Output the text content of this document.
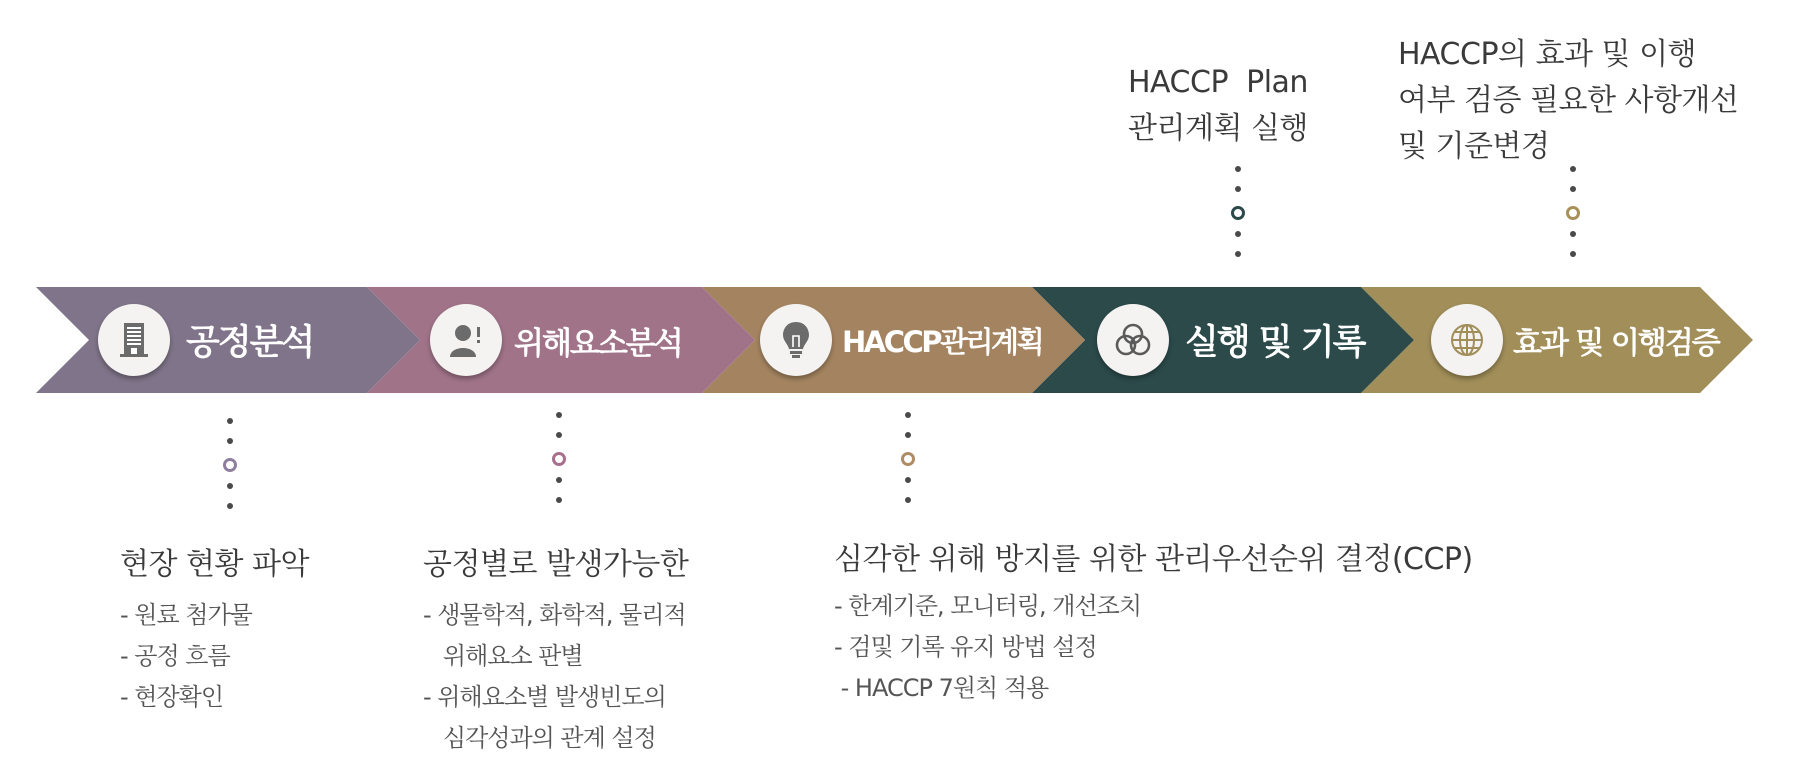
공정분석	위해요소분석	HACCP관리계획	실행 및 기록	효과 및 이행검증
현장 현황 파악
- 원료 첨가물
- 공정 흐름
- 현장확인
공정별로 발생가능한
- 생물학적, 화학적, 물리적
위해요소 판별
- 위해요소별 발생빈도의
심각성과의 관계 설정
심각한 위해 방지를 위한 관리우선순위 결정(CCP)
- 한계기준, 모니터링, 개선조치
- 검및 기록 유지 방법 설정
- HACCP 7원칙 적용
HACCP  Plan
관리계획 실행
HACCP의 효과 및 이행
여부 검증 필요한 사항개선
및 기준변경
